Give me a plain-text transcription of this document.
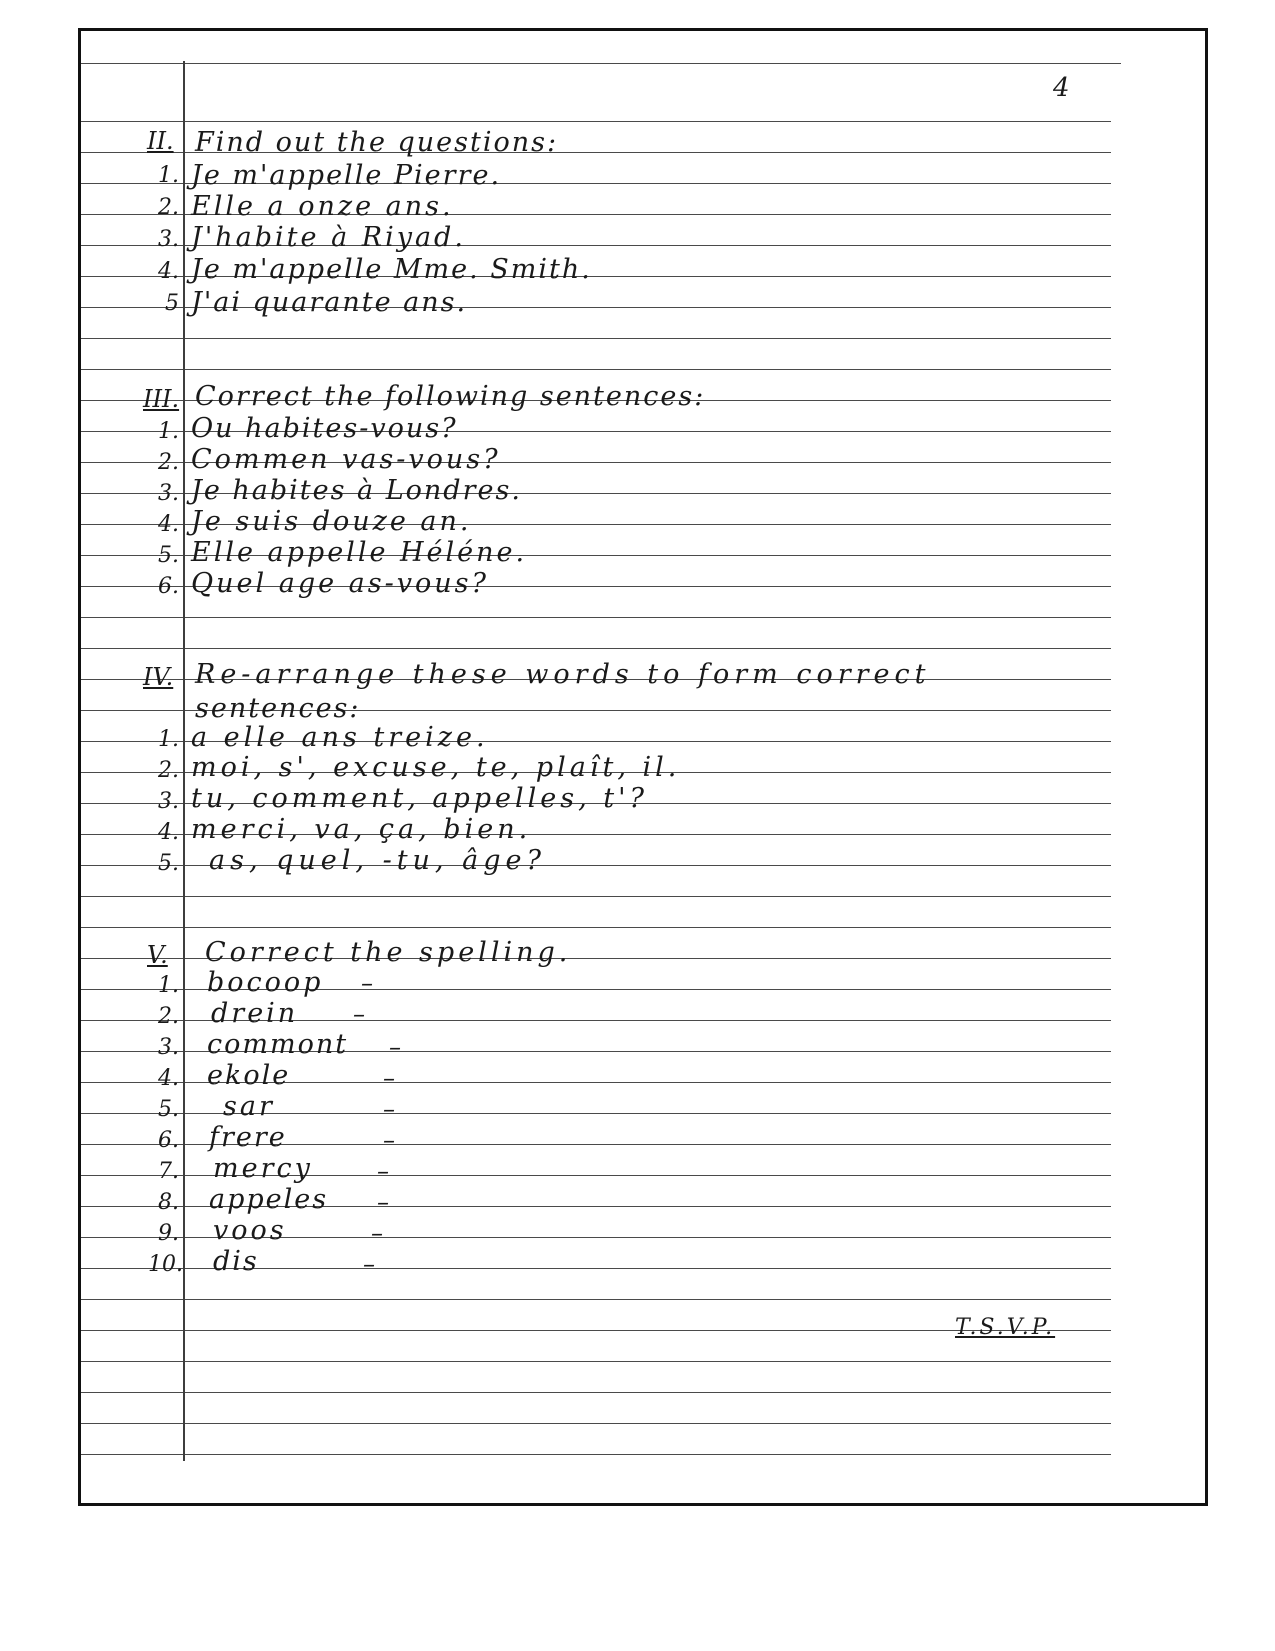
4
II. Find out the questions:
1. Je m'appelle Pierre.
2. Elle a onze ans.
3. J'habite à Riyad.
4. Je m'appelle Mme. Smith.
5 J'ai quarante ans.
III. Correct the following sentences:
1. Ou habites-vous?
2. Commen vas-vous?
3. Je habites à Londres.
4. Je suis douze an.
5. Elle appelle Héléne.
6. Quel age as-vous?
IV. Re-arrange these words to form correct
sentences:
1. a elle ans treize.
2. moi, s', excuse, te, plaît, il.
3. tu, comment, appelles, t'?
4. merci, va, ça, bien.
5. as, quel, -tu, âge?
V. Correct the spelling.
1. bocoop –
2. drein –
3. commont –
4. ekole	–
5. sar	–
6. frere	–
7. mercy	–
8. appeles –
9. voos	–
10. dis	–
T.S.V.P.
